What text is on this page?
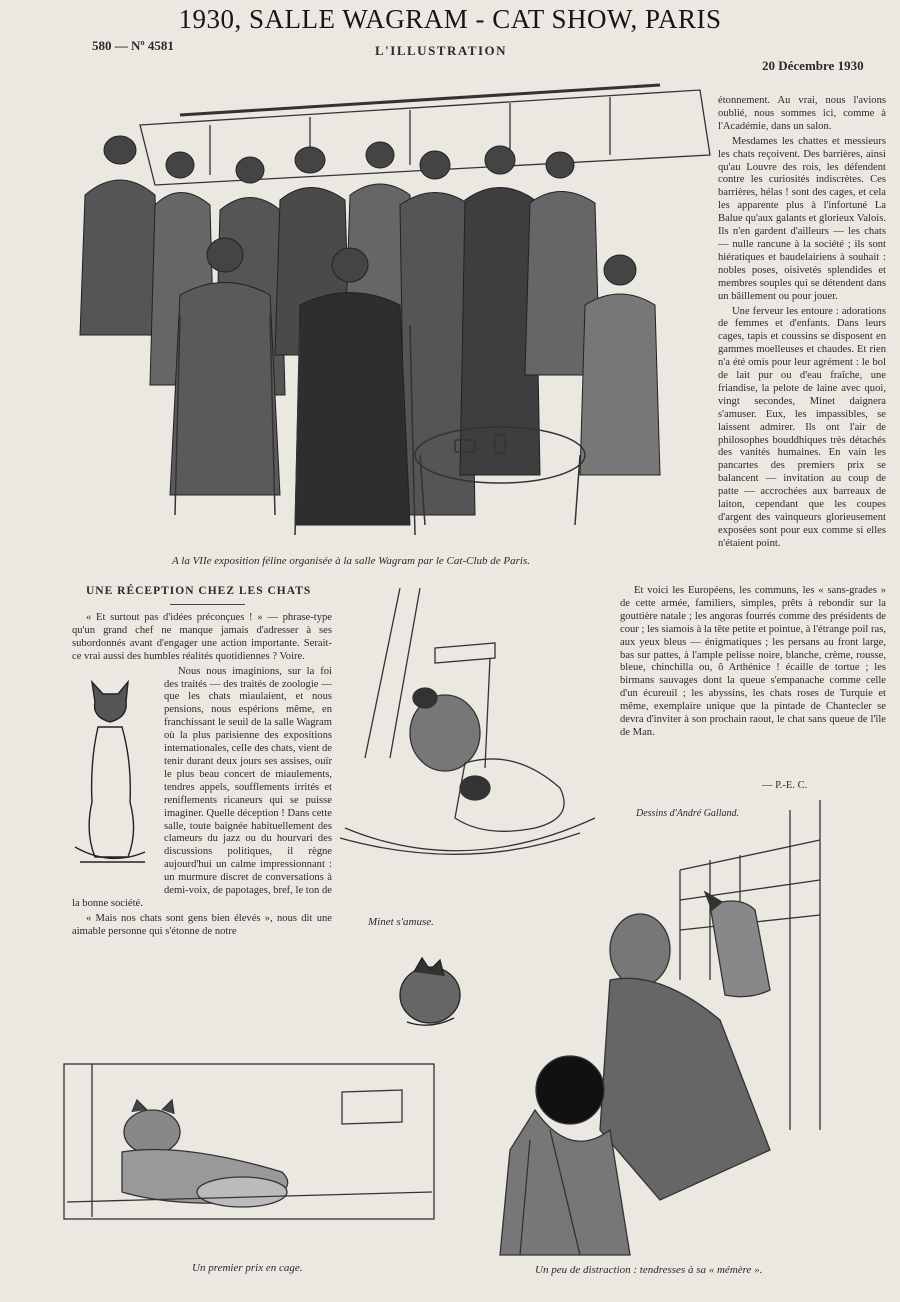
1930, SALLE WAGRAM - CAT SHOW, PARIS
580 — Nº 4581	L'ILLUSTRATION
20 Décembre 1930
A la VIIe exposition féline organisée à la salle Wagram par le Cat-Club de Paris.
UNE RÉCEPTION CHEZ LES CHATS

« Et surtout pas d'idées préconçues ! » — phrase-type qu'un grand chef ne manque jamais d'adresser à ses subordonnés avant d'engager une action importante. Serait-ce vrai aussi des humbles réalités quotidiennes ? Voire.

Nous nous imaginions, sur la foi des traités — des traités de zoologie — que les chats miaulaient, et nous pensions, nous espérions même, en franchissant le seuil de la salle Wagram où la plus parisienne des expositions internationales, celle des chats, vient de tenir durant deux jours ses assises, ouïr le plus beau concert de miaulements, tendres appels, soufflements irrités et reniflements ricaneurs qui se puisse imaginer. Quelle déception ! Dans cette salle, toute baignée habituellement des clameurs du jazz ou du hourvari des discussions politiques, il règne aujourd'hui un calme impressionnant : un murmure discret de conversations à demi-voix, de papotages, bref, le ton de la bonne société.

« Mais nos chats sont gens bien élevés », nous dit une aimable personne qui s'étonne de notre

Minet s'amuse.

étonnement. Au vrai, nous l'avions oublié, nous sommes ici, comme à l'Académie, dans un salon.

Mesdames les chattes et messieurs les chats reçoivent. Des barrières, ainsi qu'au Louvre des rois, les défendent contre les curiosités indiscrètes. Ces barrières, hélas ! sont des cages, et cela les apparente plus à l'infortuné La Balue qu'aux galants et glorieux Valois. Ils n'en gardent d'ailleurs — les chats — nulle rancune à la société ; ils sont hiératiques et baudelairiens à souhait : nobles poses, oisivetés splendides et membres souples qui se détendent dans un bâillement ou pour jouer.

Une ferveur les entoure : adorations de femmes et d'enfants. Dans leurs cages, tapis et coussins se disposent en gammes moelleuses et chaudes. Et rien n'a été omis pour leur agrément : le bol de lait pur ou d'eau fraîche, une friandise, la pelote de laine avec quoi, vingt secondes, Minet daignera s'amuser. Eux, les impassibles, se laissent admirer. Ils ont l'air de philosophes bouddhiques très détachés des vanités humaines. En vain les pancartes des premiers prix se balancent — invitation au coup de patte — accrochées aux barreaux de laiton, cependant que les coupes d'argent des vainqueurs glorieusement exposées sont pour eux comme si elles n'étaient point.

Et voici les Européens, les communs, les « sans-grades » de cette armée, familiers, simples, prêts à rebondir sur la gouttière natale ; les angoras fourrés comme des présidents de cour ; les siamois à la tête petite et pointue, à l'étrange poil ras, aux yeux bleus — énigmatiques ; les persans au front large, bas sur pattes, à l'ample pelisse noire, blanche, crème, rousse, bleue, chinchilla ou, ô Arthénice ! écaille de tortue ; les birmans sauvages dont la queue s'empanache comme celle d'un écureuil ; les abyssins, les chats roses de Turquie et même, exemplaire unique que la pintade de Chantecler se devra d'inviter à son prochain raout, le chat sans queue de l'île de Man.

— P.-E. C.
Dessins d'André Galland.
Un peu de distraction : tendresses à sa « mémère ».
Un premier prix en cage.
